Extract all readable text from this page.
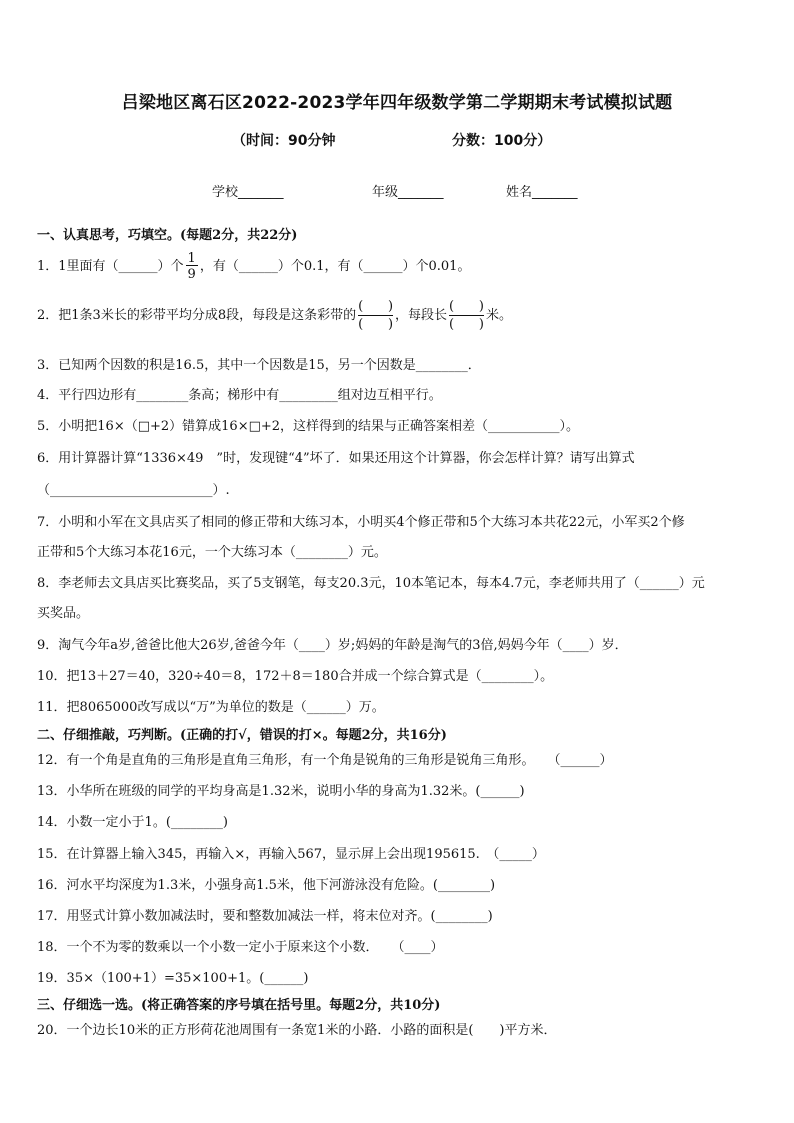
吕梁地区离石区2022-2023学年四年级数学第二学期期末考试模拟试题
（时间：90分钟	分数：100分）
学校_______	年级_______	姓名_______
一、认真思考，巧填空。(每题2分，共22分)
1．1里面有（______）个 $\frac{1}{9}$ ，有（______）个0.1，有（______）个0.01。
2．把1条3米长的彩带平均分成8段，每段是这条彩带的
(      )
(      )
，每段长
(      )
(      )
米。
3．已知两个因数的积是16.5，其中一个因数是15，另一个因数是________．
4．平行四边形有________条高；梯形中有_________组对边互相平行。
5．小明把16×（□+2）错算成16×□+2，这样得到的结果与正确答案相差（___________）。
6．用计算器计算“1336×49　”时，发现键“4”坏了．如果还用这个计算器，你会怎样计算？请写出算式
（_________________________）.
7．小明和小军在文具店买了相同的修正带和大练习本，小明买4个修正带和5个大练习本共花22元，小军买2个修
正带和5个大练习本花16元，一个大练习本（________）元。
8．李老师去文具店买比赛奖品，买了5支钢笔，每支20.3元，10本笔记本，每本4.7元，李老师共用了（______）元
买奖品。
9．淘气今年a岁,爸爸比他大26岁,爸爸今年（____）岁;妈妈的年龄是淘气的3倍,妈妈今年（____）岁．
10．把13＋27＝40，320÷40＝8，172＋8＝180合并成一个综合算式是（________）。
11．把8065000改写成以“万”为单位的数是（______）万。
二、仔细推敲，巧判断。(正确的打√，错误的打×。每题2分，共16分)
12．有一个角是直角的三角形是直角三角形，有一个角是锐角的三角形是锐角三角形。　　（______）
13．小华所在班级的同学的平均身高是1.32米，说明小华的身高为1.32米。(______)
14．小数一定小于1。(________)
15．在计算器上输入345，再输入×，再输入567，显示屏上会出现195615.　（_____）
16．河水平均深度为1.3米，小强身高1.5米，他下河游泳没有危险。(________)
17．用竖式计算小数加减法时，要和整数加减法一样，将末位对齐。(________)
18．一个不为零的数乘以一个小数一定小于原来这个小数．　　（____）
19．35×（100+1）=35×100+1。(______)
三、仔细选一选。(将正确答案的序号填在括号里。每题2分，共10分)
20．一个边长10米的正方形荷花池周围有一条宽1米的小路．小路的面积是(　　)平方米．
